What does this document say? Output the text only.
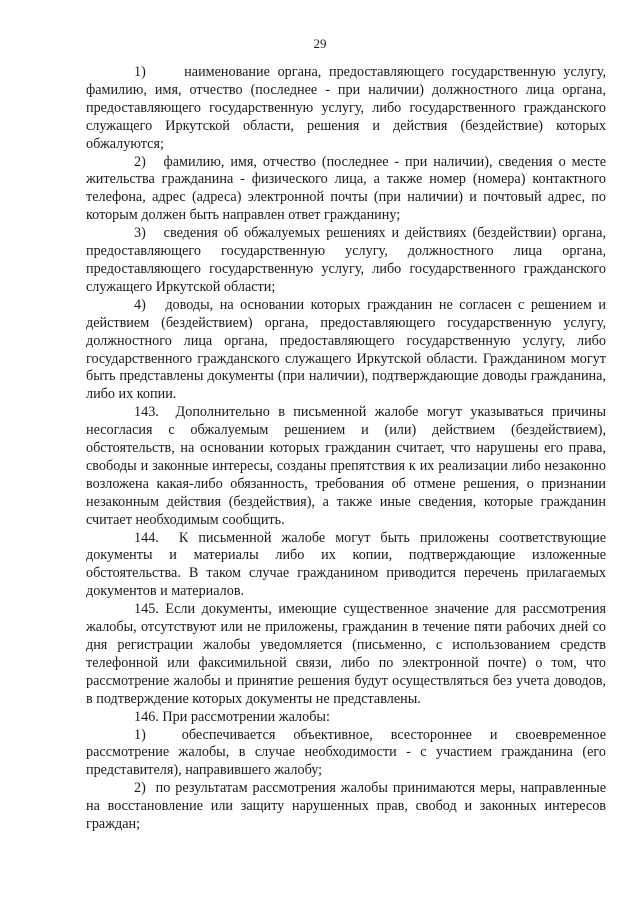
29

1)     наименование органа, предоставляющего государственную услугу, фамилию, имя, отчество (последнее - при наличии) должностного лица органа, предоставляющего государственную услугу, либо государственного гражданского служащего Иркутской области, решения и действия (бездействие) которых обжалуются;

2)   фамилию, имя, отчество (последнее - при наличии), сведения о месте жительства гражданина - физического лица, а также номер (номера) контактного телефона, адрес (адреса) электронной почты (при наличии) и почтовый адрес, по которым должен быть направлен ответ гражданину;

3)   сведения об обжалуемых решениях и действиях (бездействии) органа, предоставляющего государственную услугу, должностного лица органа, предоставляющего государственную услугу, либо государственного гражданского служащего Иркутской области;

4)   доводы, на основании которых гражданин не согласен с решением и действием (бездействием) органа, предоставляющего государственную услугу, должностного лица органа, предоставляющего государственную услугу, либо государственного гражданского служащего Иркутской области. Гражданином могут быть представлены документы (при наличии), подтверждающие доводы гражданина, либо их копии.

143.  Дополнительно в письменной жалобе могут указываться причины несогласия с обжалуемым решением и (или) действием (бездействием), обстоятельств, на основании которых гражданин считает, что нарушены его права, свободы и законные интересы, созданы препятствия к их реализации либо незаконно возложена какая-либо обязанность, требования об отмене решения, о признании незаконным действия (бездействия), а также иные сведения, которые гражданин считает необходимым сообщить.

144.  К письменной жалобе могут быть приложены соответствующие документы и материалы либо их копии, подтверждающие изложенные обстоятельства. В таком случае гражданином приводится перечень прилагаемых документов и материалов.

145. Если документы, имеющие существенное значение для рассмотрения жалобы, отсутствуют или не приложены, гражданин в течение пяти рабочих дней со дня регистрации жалобы уведомляется (письменно, с использованием средств телефонной или факсимильной связи, либо по электронной почте) о том, что рассмотрение жалобы и принятие решения будут осуществляться без учета доводов, в подтверждение которых документы не представлены.

146. При рассмотрении жалобы:

1)  обеспечивается объективное, всестороннее и своевременное рассмотрение жалобы, в случае необходимости - с участием гражданина (его представителя), направившего жалобу;

2)  по результатам рассмотрения жалобы принимаются меры, направленные на восстановление или защиту нарушенных прав, свобод и законных интересов граждан;
